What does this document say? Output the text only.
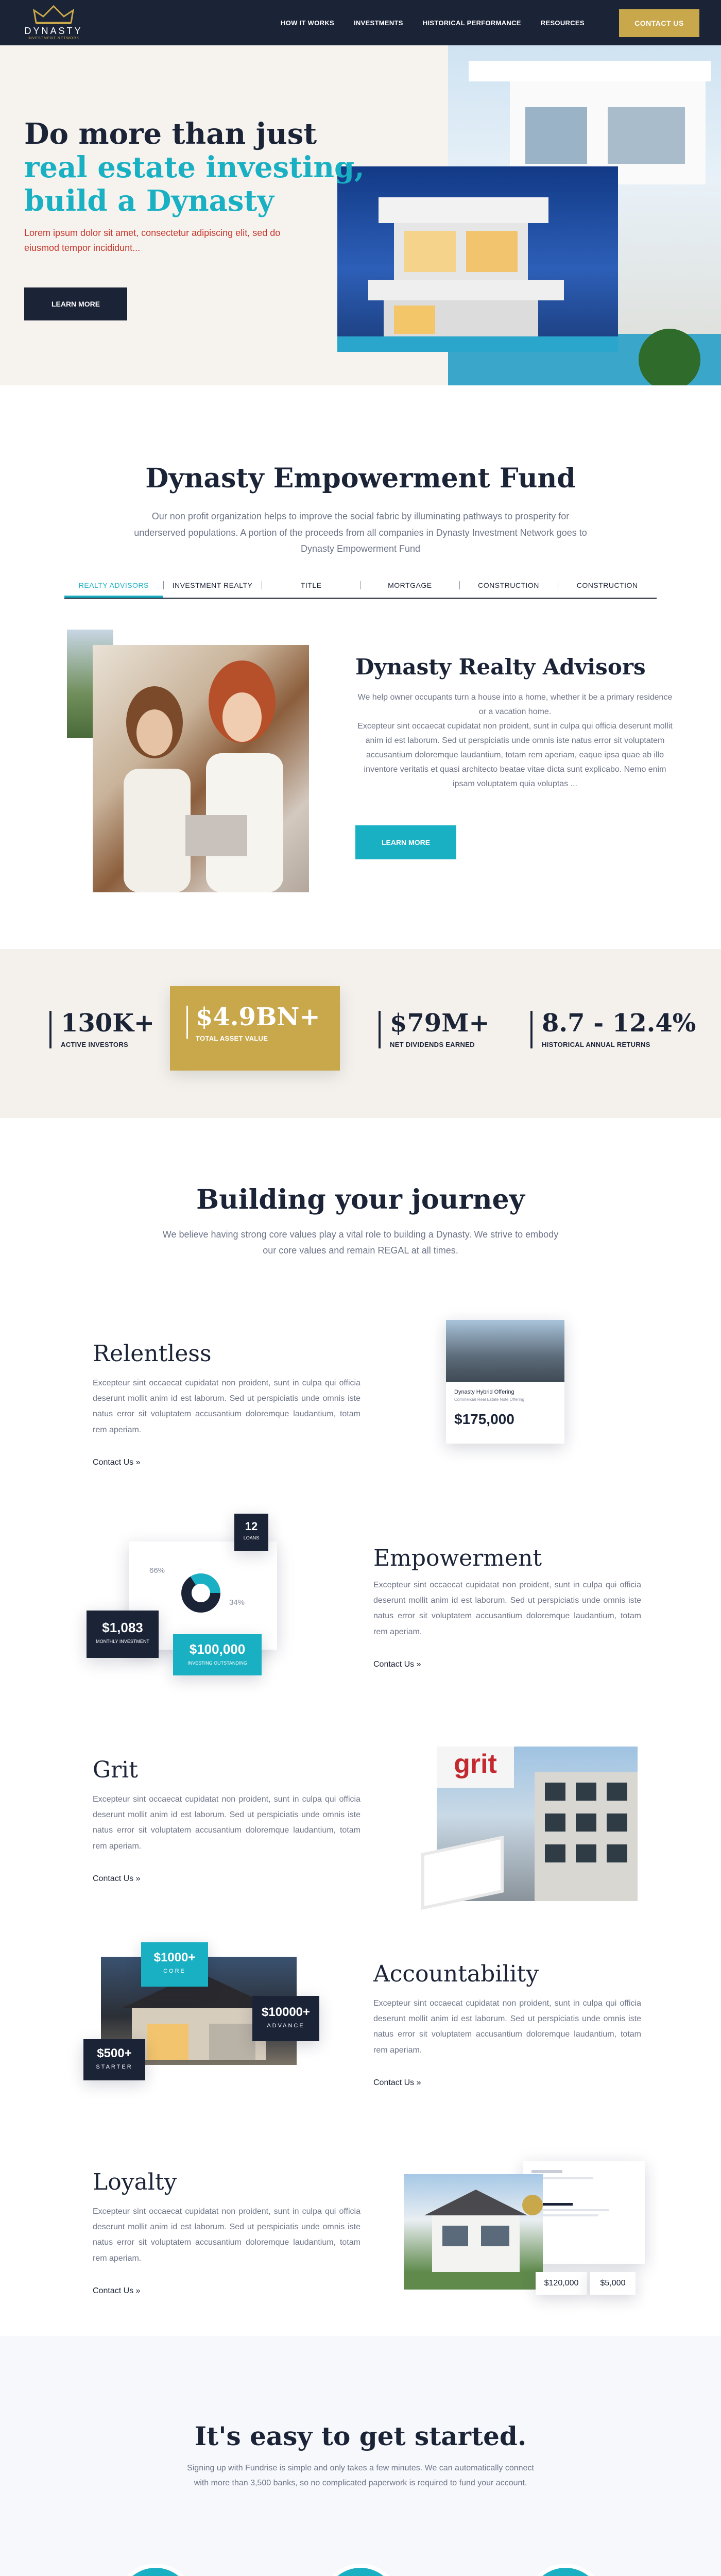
DYNASTY
INVESTMENT NETWORK
HOW IT WORKS	INVESTMENTS	HISTORICAL PERFORMANCE	RESOURCES	CONTACT US
Do more than just
real estate investing,
build a Dynasty

Lorem ipsum dolor sit amet, consectetur adipiscing elit, sed do eiusmod tempor incididunt...

LEARN MORE
Dynasty Empowerment Fund

Our non profit organization helps to improve the social fabric by illuminating pathways to prosperity for underserved populations. A portion of the proceeds from all companies in Dynasty Investment Network goes to Dynasty Empowerment Fund

REALTY ADVISORS	INVESTMENT REALTY	TITLE	MORTGAGE	CONSTRUCTION	CONSTRUCTION
Dynasty Realty Advisors

We help owner occupants turn a house into a home, whether it be a primary residence or a vacation home.

Excepteur sint occaecat cupidatat non proident, sunt in culpa qui officia deserunt mollit anim id est laborum. Sed ut perspiciatis unde omnis iste natus error sit voluptatem accusantium doloremque laudantium, totam rem aperiam, eaque ipsa quae ab illo inventore veritatis et quasi architecto beatae vitae dicta sunt explicabo. Nemo enim ipsam voluptatem quia voluptas ...

LEARN MORE
130K+
ACTIVE INVESTORS
$4.9BN+
TOTAL ASSET VALUE
$79M+
NET DIVIDENDS EARNED
8.7 - 12.4%
HISTORICAL ANNUAL RETURNS
Building your journey

We believe having strong core values play a vital role to building a Dynasty. We strive to embody our core values and remain REGAL at all times.

Relentless

Excepteur sint occaecat cupidatat non proident, sunt in culpa qui officia deserunt mollit anim id est laborum. Sed ut perspiciatis unde omnis iste natus error sit voluptatem accusantium doloremque laudantium, totam rem aperiam.

Contact Us »
Dynasty Hybrid Offering
Commercial Real Estate Note Offering
$175,000
Empowerment

Excepteur sint occaecat cupidatat non proident, sunt in culpa qui officia deserunt mollit anim id est laborum. Sed ut perspiciatis unde omnis iste natus error sit voluptatem accusantium doloremque laudantium, totam rem aperiam.

Contact Us »
66%
34%
12
LOANS
$1,083
MONTHLY INVESTMENT	$100,000
INVESTING OUTSTANDING
Grit

Excepteur sint occaecat cupidatat non proident, sunt in culpa qui officia deserunt mollit anim id est laborum. Sed ut perspiciatis unde omnis iste natus error sit voluptatem accusantium doloremque laudantium, totam rem aperiam.

Contact Us »
grit
Accountability

Excepteur sint occaecat cupidatat non proident, sunt in culpa qui officia deserunt mollit anim id est laborum. Sed ut perspiciatis unde omnis iste natus error sit voluptatem accusantium doloremque laudantium, totam rem aperiam.

Contact Us »
$1000+
CORE
$10000+
ADVANCE
$500+
STARTER
Loyalty

Excepteur sint occaecat cupidatat non proident, sunt in culpa qui officia deserunt mollit anim id est laborum. Sed ut perspiciatis unde omnis iste natus error sit voluptatem accusantium doloremque laudantium, totam rem aperiam.

Contact Us »
$120,000	$5,000
It's easy to get started.

Signing up with Fundrise is simple and only takes a few minutes. We can automatically connect with more than 3,500 banks, so no complicated paperwork is required to fund your account.
